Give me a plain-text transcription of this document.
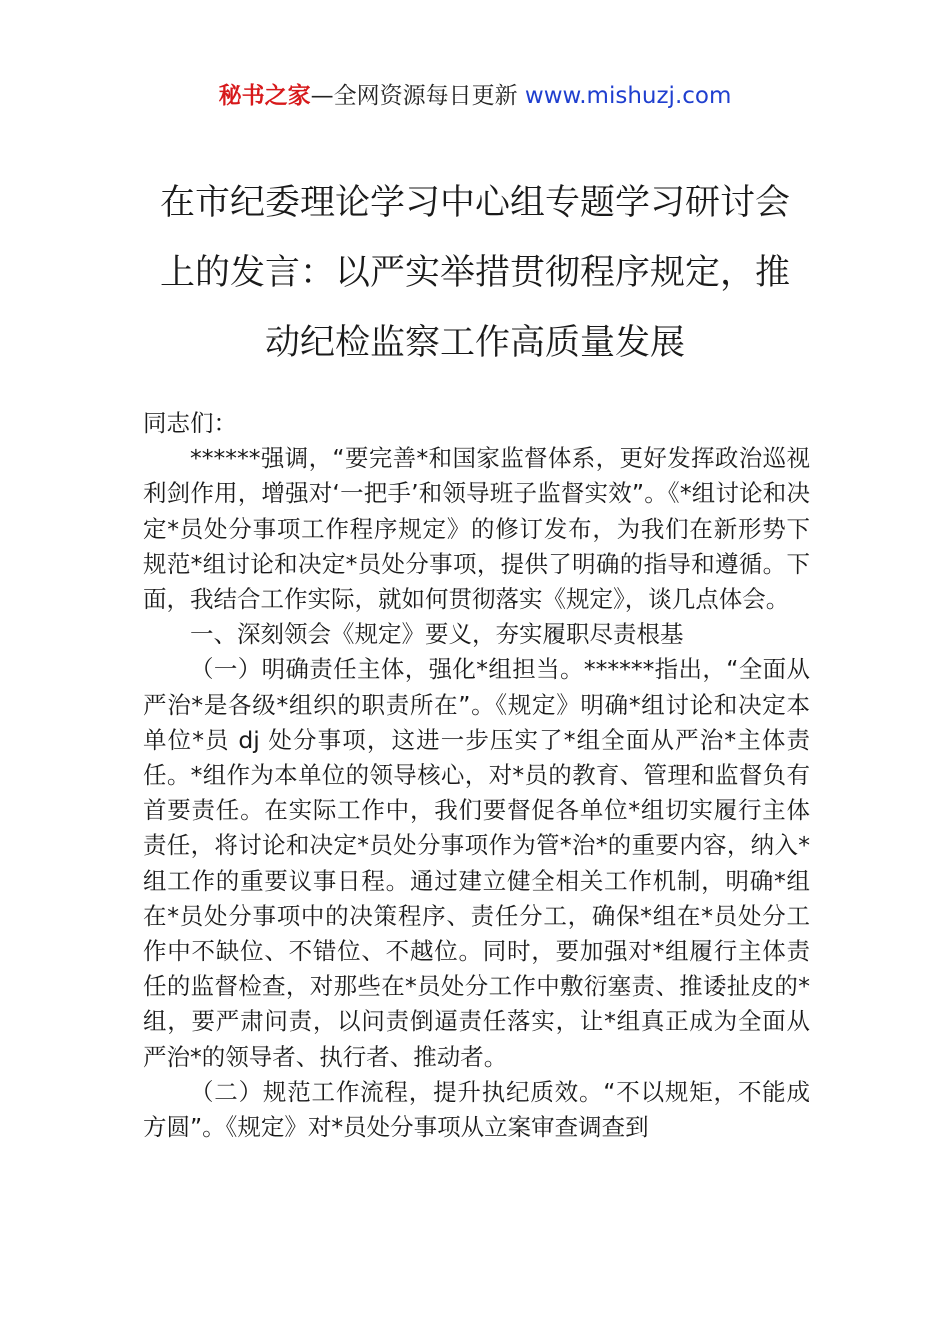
秘书之家—全网资源每日更新 www.mishuzj.com
在市纪委理论学习中心组专题学习研讨会上的发言：以严实举措贯彻程序规定，推动纪检监察工作高质量发展

同志们：

******强调，“要完善*和国家监督体系，更好发挥政治巡视利剑作用，增强对‘一把手’和领导班子监督实效”。《*组讨论和决定*员处分事项工作程序规定》的修订发布，为我们在新形势下规范*组讨论和决定*员处分事项，提供了明确的指导和遵循。下面，我结合工作实际，就如何贯彻落实《规定》，谈几点体会。

一、深刻领会《规定》要义，夯实履职尽责根基

（一）明确责任主体，强化*组担当。******指出，“全面从严治*是各级*组织的职责所在”。《规定》明确*组讨论和决定本单位*员 dj 处分事项，这进一步压实了*组全面从严治*主体责任。*组作为本单位的领导核心，对*员的教育、管理和监督负有首要责任。在实际工作中，我们要督促各单位*组切实履行主体责任，将讨论和决定*员处分事项作为管*治*的重要内容，纳入*组工作的重要议事日程。通过建立健全相关工作机制，明确*组在*员处分事项中的决策程序、责任分工，确保*组在*员处分工作中不缺位、不错位、不越位。同时，要加强对*组履行主体责任的监督检查，对那些在*员处分工作中敷衍塞责、推诿扯皮的*组，要严肃问责，以问责倒逼责任落实，让*组真正成为全面从严治*的领导者、执行者、推动者。

（二）规范工作流程，提升执纪质效。“不以规矩，不能成方圆”。《规定》对*员处分事项从立案审查调查到
